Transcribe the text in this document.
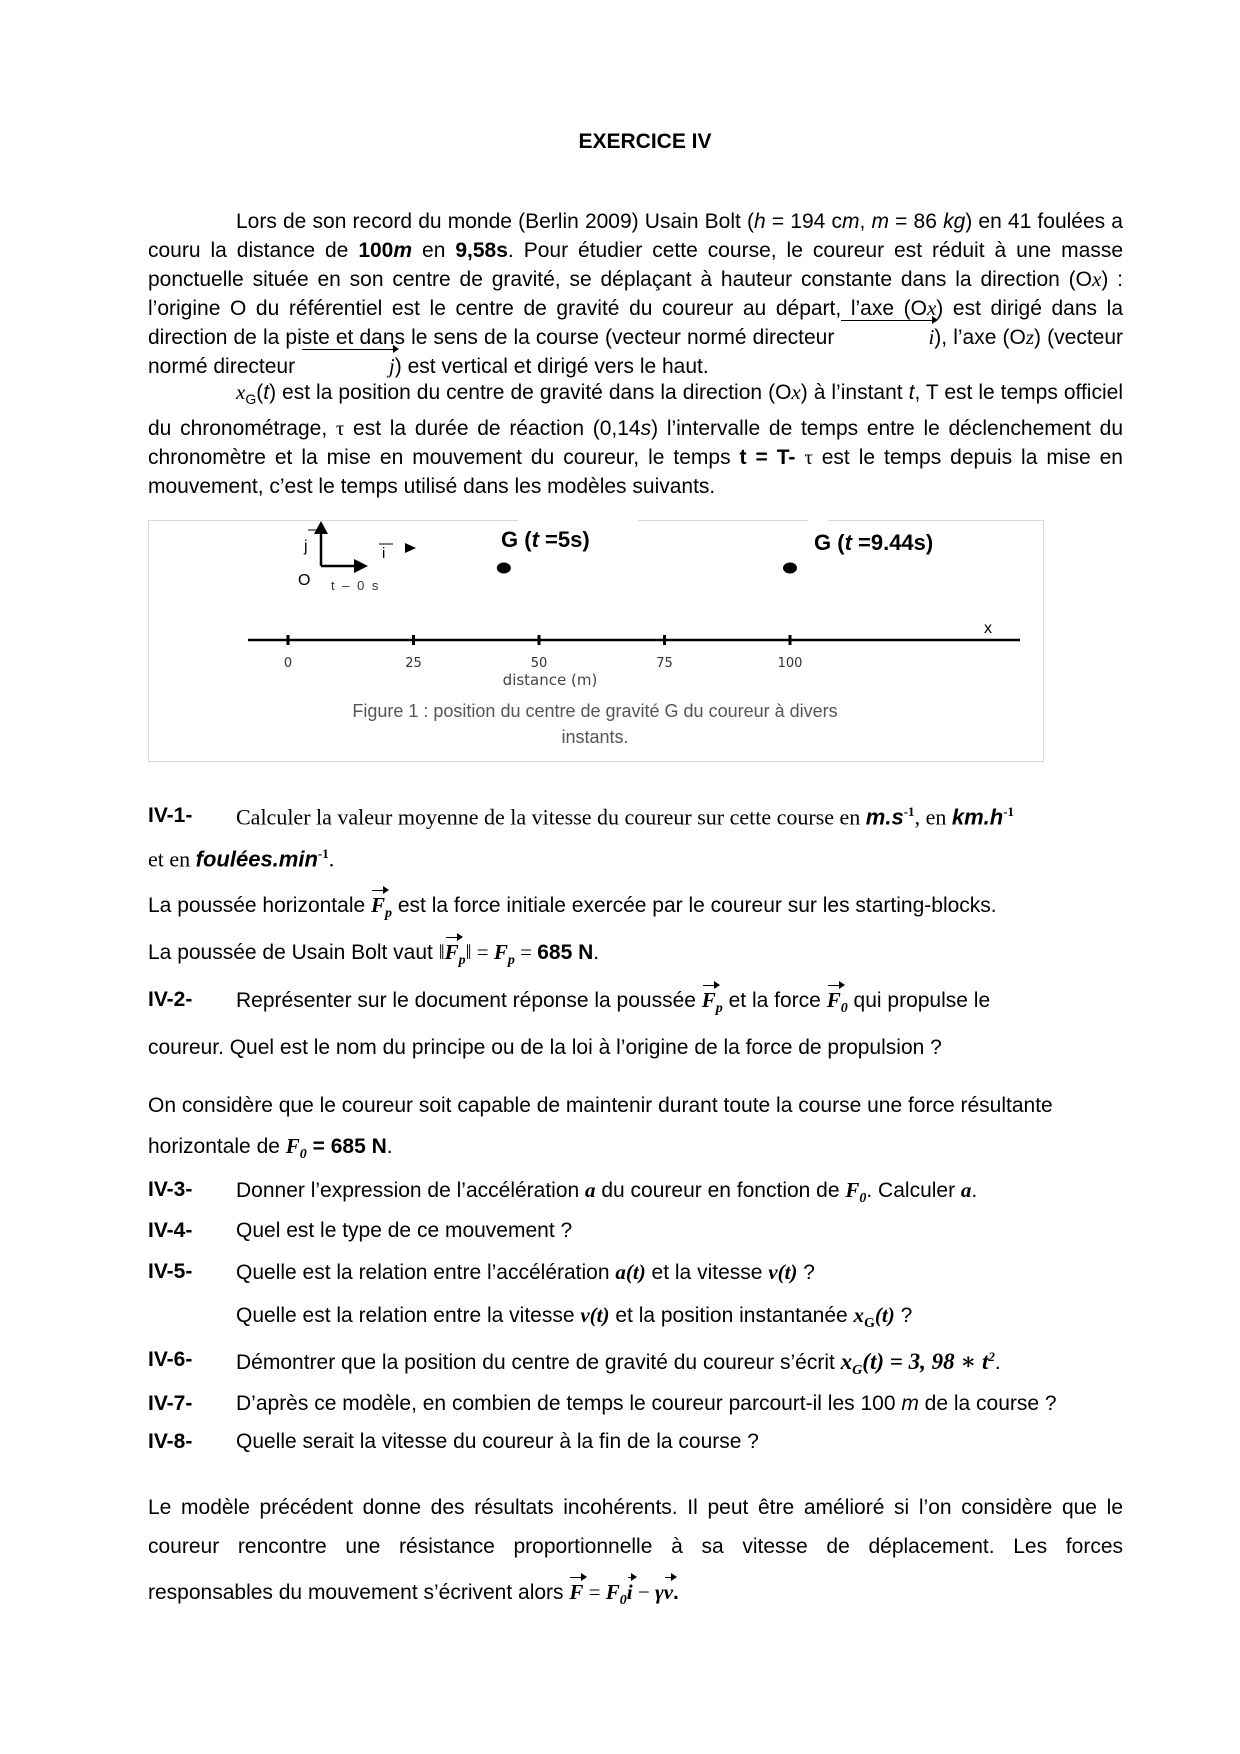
EXERCICE IV
Lors de son record du monde (Berlin 2009) Usain Bolt (h = 194 cm, m = 86 kg) en 41 foulées a couru la distance de 100m en 9,58s. Pour étudier cette course, le coureur est réduit à une masse ponctuelle située en son centre de gravité, se déplaçant à hauteur constante dans la direction (Ox) : l’origine O du référentiel est le centre de gravité du coureur au départ, l’axe (Ox) est dirigé dans la direction de la piste et dans le sens de la course (vecteur normé directeur	i), l’axe (Oz) (vecteur normé directeur	j) est vertical et dirigé vers le haut.
$x_G(t)$ est la position du centre de gravité dans la direction (Ox) à l’instant t, T est le temps officiel du chronométrage, τ est la durée de réaction (0,14s) l’intervalle de temps entre le déclenchement du chronomètre et la mise en mouvement du coureur, le temps t = T- τ est le temps depuis la mise en mouvement, c’est le temps utilisé dans les modèles suivants.
j	i
O t – 0 s
G (t =5s)	G (t =9.44s)
0	25	50	75	100
x
distance (m)
Figure 1 : position du centre de gravité G du coureur à divers
instants.
IV-1- Calculer la valeur moyenne de la vitesse du coureur sur cette course en $m.s^{-1}$, en $km.h^{-1}$
et en $foulées.\min^{-1}$.
La poussée horizontale $F_p$ est la force initiale exercée par le coureur sur les starting-blocks.
La poussée de Usain Bolt vaut $‖F_p‖ = F_p = 685$ N.
IV-2- Représenter sur le document réponse la poussée $F_p$ et la force $F_0$ qui propulse le
coureur. Quel est le nom du principe ou de la loi à l’origine de la force de propulsion ?
On considère que le coureur soit capable de maintenir durant toute la course une force résultante
horizontale de $F_0 = 685$ N.
IV-3- Donner l’expression de l’accélération a du coureur en fonction de $F_0$. Calculer a.
IV-4- Quel est le type de ce mouvement ?
IV-5- Quelle est la relation entre l’accélération a(t) et la vitesse v(t) ?
Quelle est la relation entre la vitesse v(t) et la position instantanée $x_G(t)$ ?
IV-6- Démontrer que la position du centre de gravité du coureur s’écrit $x_G(t) = 3$, 98 ∗ $t^2$.
IV-7- D’après ce modèle, en combien de temps le coureur parcourt-il les 100 m de la course ?
IV-8- Quelle serait la vitesse du coureur à la fin de la course ?
Le modèle précédent donne des résultats incohérents. Il peut être amélioré si l’on considère que le
coureur rencontre une résistance proportionnelle à sa vitesse de déplacement. Les forces
responsables du mouvement s’écrivent alors $F = F_0i - \gamma v$.
